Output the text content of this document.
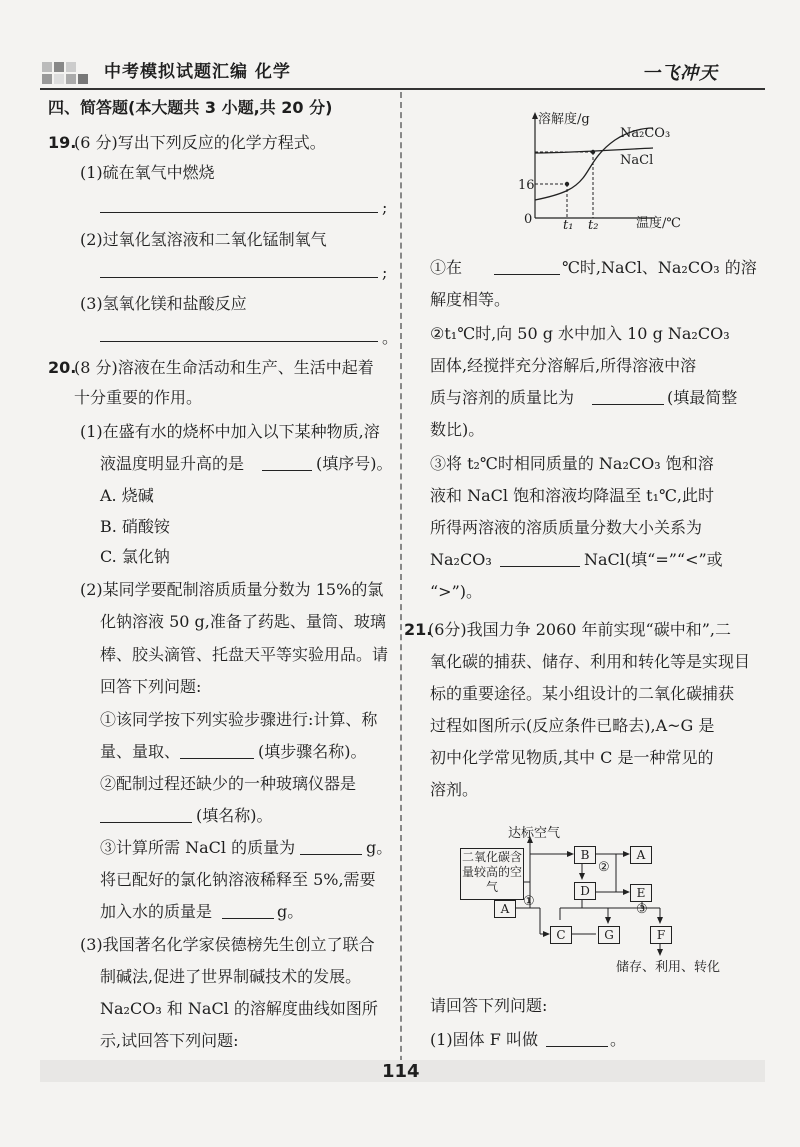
中考模拟试题汇编 化学	一飞冲天
四、简答题(本大题共 3 小题,共 20 分)
19.
(6 分)写出下列反应的化学方程式。
(1)硫在氧气中燃烧
;
(2)过氧化氢溶液和二氧化锰制氧气
;
(3)氢氧化镁和盐酸反应
。
20.
(8 分)溶液在生命活动和生产、生活中起着
十分重要的作用。
(1)在盛有水的烧杯中加入以下某种物质,溶
液温度明显升高的是	(填序号)。
A. 烧碱
B. 硝酸铵
C. 氯化钠
(2)某同学要配制溶质质量分数为 15%的氯
化钠溶液 50 g,准备了药匙、量筒、玻璃
棒、胶头滴管、托盘天平等实验用品。请
回答下列问题:
①该同学按下列实验步骤进行:计算、称
量、量取、	(填步骤名称)。
②配制过程还缺少的一种玻璃仪器是
(填名称)。
③计算所需 NaCl 的质量为	g。
将已配好的氯化钠溶液稀释至 5%,需要
加入水的质量是	g。
(3)我国著名化学家侯德榜先生创立了联合
制碱法,促进了世界制碱技术的发展。
Na₂CO₃ 和 NaCl 的溶解度曲线如图所
示,试回答下列问题:
溶解度/g
Na₂CO₃
NaCl
16
0 t₁ t₂	温度/℃
①在	℃时,NaCl、Na₂CO₃ 的溶
解度相等。
②t₁℃时,向 50 g 水中加入 10 g Na₂CO₃
固体,经搅拌充分溶解后,所得溶液中溶
质与溶剂的质量比为	(填最简整
数比)。
③将 t₂℃时相同质量的 Na₂CO₃ 饱和溶
液和 NaCl 饱和溶液均降温至 t₁℃,此时
所得两溶液的溶质质量分数大小关系为
Na₂CO₃	NaCl(填“=”“<”或
“>”)。
21.
(6分)我国力争 2060 年前实现“碳中和”,二
氧化碳的捕获、储存、利用和转化等是实现目
标的重要途径。某小组设计的二氧化碳捕获
过程如图所示(反应条件已略去),A~G 是
初中化学常见物质,其中 C 是一种常见的
溶剂。
达标空气
二氧化碳含量较高的空气
A	①
B	A
②
D	E
③
C	G	F
储存、利用、转化
请回答下列问题:
(1)固体 F 叫做	。
114
